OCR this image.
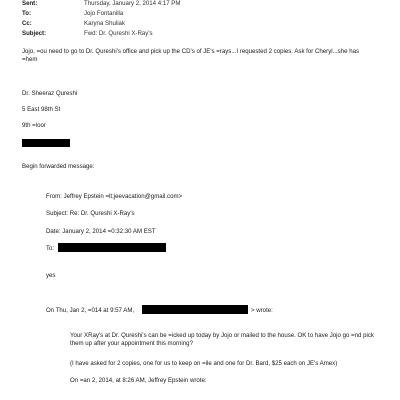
Sent:	Thursday, January 2, 2014 4:17 PM
To:	Jojo Fontanilla
Cc:	Karyna Shuliak
Subject:	Fwd: Dr. Qureshi X-Ray's
Jojo, =ou need to go to Dr. Qureshi's office and pick up the CD's of JE's =rays...I requested 2 copies. Ask for Cheryl...she has =hem
Dr. Sheeraz Qureshi
5 East 98th St
9th =loor
Begin forwarded message:
From: Jeffrey Epstein =lt;jeevacation@gmail.com>
Subject: Re: Dr. Qureshi X-Ray's
Date: January 2, 2014 =0:32:30 AM EST
To:
yes
On Thu, Jan 2, =014 at 9:57 AM,	> wrote:
Your XRay's at Dr. Qureshi's can be =icked up today by Jojo or mailed to the house. OK to have Jojo go =nd pick them up after your appointment this morning?
(I have asked for 2 copies, one for us to keep on =ile and one for Dr. Bard, $25 each on JE's Amex)
On =an 2, 2014, at 8:26 AM, Jeffrey Epstein wrote:
